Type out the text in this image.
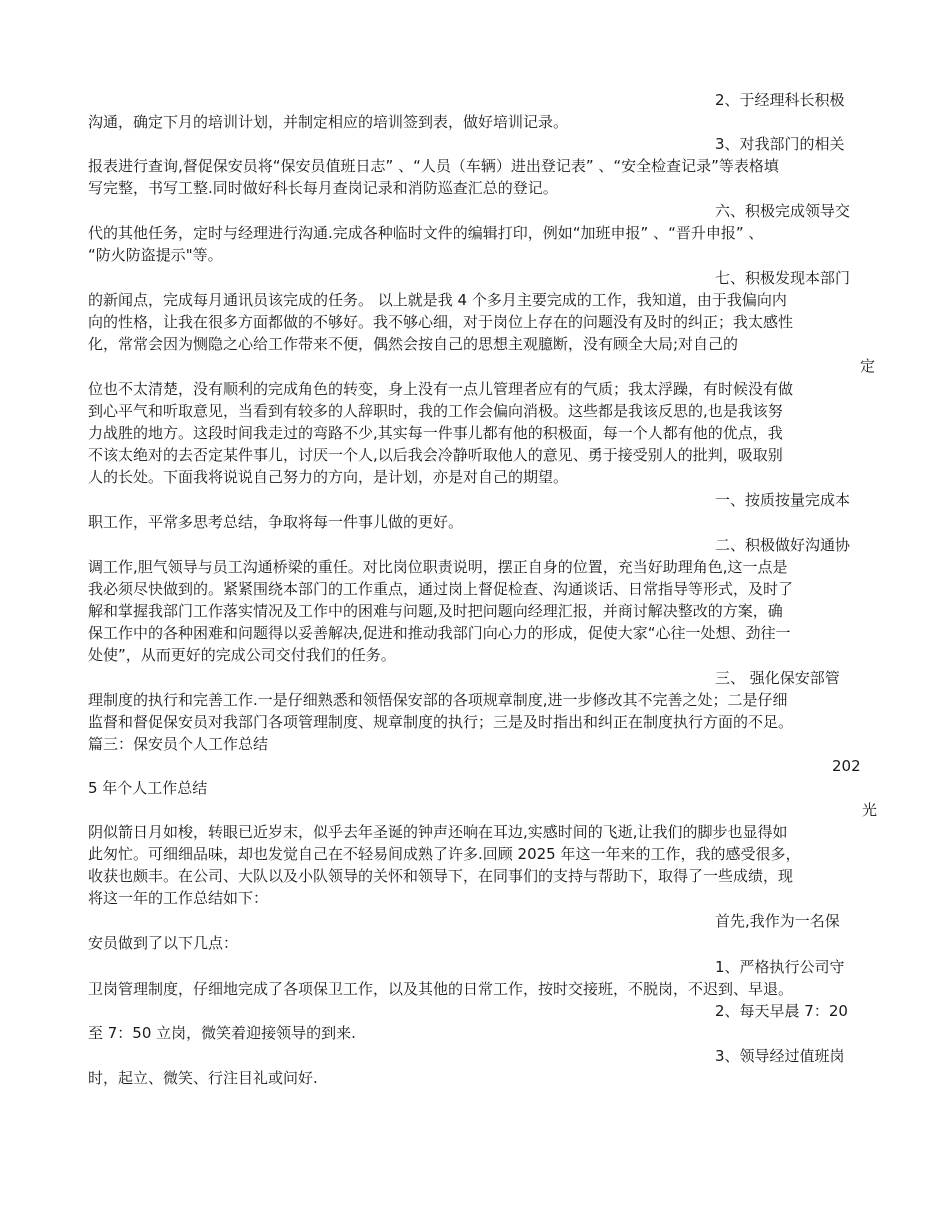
2、于经理科长积极
沟通，确定下月的培训计划，并制定相应的培训签到表，做好培训记录。
3、对我部门的相关
报表进行查询,督促保安员将“保安员值班日志” 、“人员（车辆）进出登记表” 、“安全检查记录”等表格填
写完整，书写工整.同时做好科长每月查岗记录和消防巡查汇总的登记。
六、积极完成领导交
代的其他任务，定时与经理进行沟通.完成各种临时文件的编辑打印，例如“加班申报” 、“晋升申报” 、
“防火防盗提示"等。
七、积极发现本部门
的新闻点，完成每月通讯员该完成的任务。 以上就是我 4 个多月主要完成的工作，我知道，由于我偏向内
向的性格，让我在很多方面都做的不够好。我不够心细，对于岗位上存在的问题没有及时的纠正；我太感性
化，常常会因为恻隐之心给工作带来不便，偶然会按自己的思想主观臆断，没有顾全大局;对自己的
定
位也不太清楚，没有顺利的完成角色的转变，身上没有一点儿管理者应有的气质；我太浮躁，有时候没有做
到心平气和听取意见，当看到有较多的人辞职时，我的工作会偏向消极。这些都是我该反思的,也是我该努
力战胜的地方。这段时间我走过的弯路不少,其实每一件事儿都有他的积极面，每一个人都有他的优点，我
不该太绝对的去否定某件事儿，讨厌一个人,以后我会冷静听取他人的意见、勇于接受别人的批判，吸取别
人的长处。下面我将说说自己努力的方向，是计划，亦是对自己的期望。
一、按质按量完成本
职工作，平常多思考总结，争取将每一件事儿做的更好。
二、积极做好沟通协
调工作,胆气领导与员工沟通桥梁的重任。对比岗位职责说明，摆正自身的位置，充当好助理角色,这一点是
我必须尽快做到的。紧紧围绕本部门的工作重点，通过岗上督促检查、沟通谈话、日常指导等形式，及时了
解和掌握我部门工作落实情况及工作中的困难与问题,及时把问题向经理汇报，并商讨解决整改的方案，确
保工作中的各种困难和问题得以妥善解决,促进和推动我部门向心力的形成，促使大家“心往一处想、劲往一
处使”，从而更好的完成公司交付我们的任务。
三、 强化保安部管
理制度的执行和完善工作.一是仔细熟悉和领悟保安部的各项规章制度,进一步修改其不完善之处；二是仔细
监督和督促保安员对我部门各项管理制度、规章制度的执行；三是及时指出和纠正在制度执行方面的不足。
篇三：保安员个人工作总结
202
5 年个人工作总结
光
阴似箭日月如梭，转眼已近岁末，似乎去年圣诞的钟声还响在耳边,实感时间的飞逝,让我们的脚步也显得如
此匆忙。可细细品味，却也发觉自己在不轻易间成熟了许多.回顾 2025 年这一年来的工作，我的感受很多，
收获也颇丰。在公司、大队以及小队领导的关怀和领导下，在同事们的支持与帮助下，取得了一些成绩，现
将这一年的工作总结如下：
首先,我作为一名保
安员做到了以下几点：
1、严格执行公司守
卫岗管理制度，仔细地完成了各项保卫工作，以及其他的日常工作，按时交接班，不脱岗，不迟到、早退。
2、每天早晨 7：20
至 7：50 立岗，微笑着迎接领导的到来.
3、领导经过值班岗
时，起立、微笑、行注目礼或问好.
